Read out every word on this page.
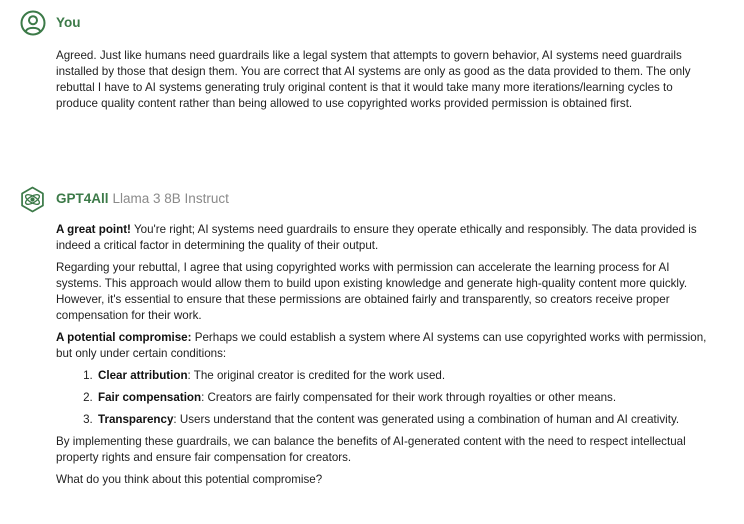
You

Agreed. Just like humans need guardrails like a legal system that attempts to govern behavior, AI systems need guardrails installed by those that design them. You are correct that AI systems are only as good as the data provided to them. The only rebuttal I have to AI systems generating truly original content is that it would take many more iterations/learning cycles to produce quality content rather than being allowed to use copyrighted works provided permission is obtained first.

GPT4All Llama 3 8B Instruct

A great point! You're right; AI systems need guardrails to ensure they operate ethically and responsibly. The data provided is indeed a critical factor in determining the quality of their output.

Regarding your rebuttal, I agree that using copyrighted works with permission can accelerate the learning process for AI systems. This approach would allow them to build upon existing knowledge and generate high-quality content more quickly. However, it's essential to ensure that these permissions are obtained fairly and transparently, so creators receive proper compensation for their work.

A potential compromise: Perhaps we could establish a system where AI systems can use copyrighted works with permission, but only under certain conditions:

1. Clear attribution: The original creator is credited for the work used.
2. Fair compensation: Creators are fairly compensated for their work through royalties or other means.
3. Transparency: Users understand that the content was generated using a combination of human and AI creativity.

By implementing these guardrails, we can balance the benefits of AI-generated content with the need to respect intellectual property rights and ensure fair compensation for creators.

What do you think about this potential compromise?
